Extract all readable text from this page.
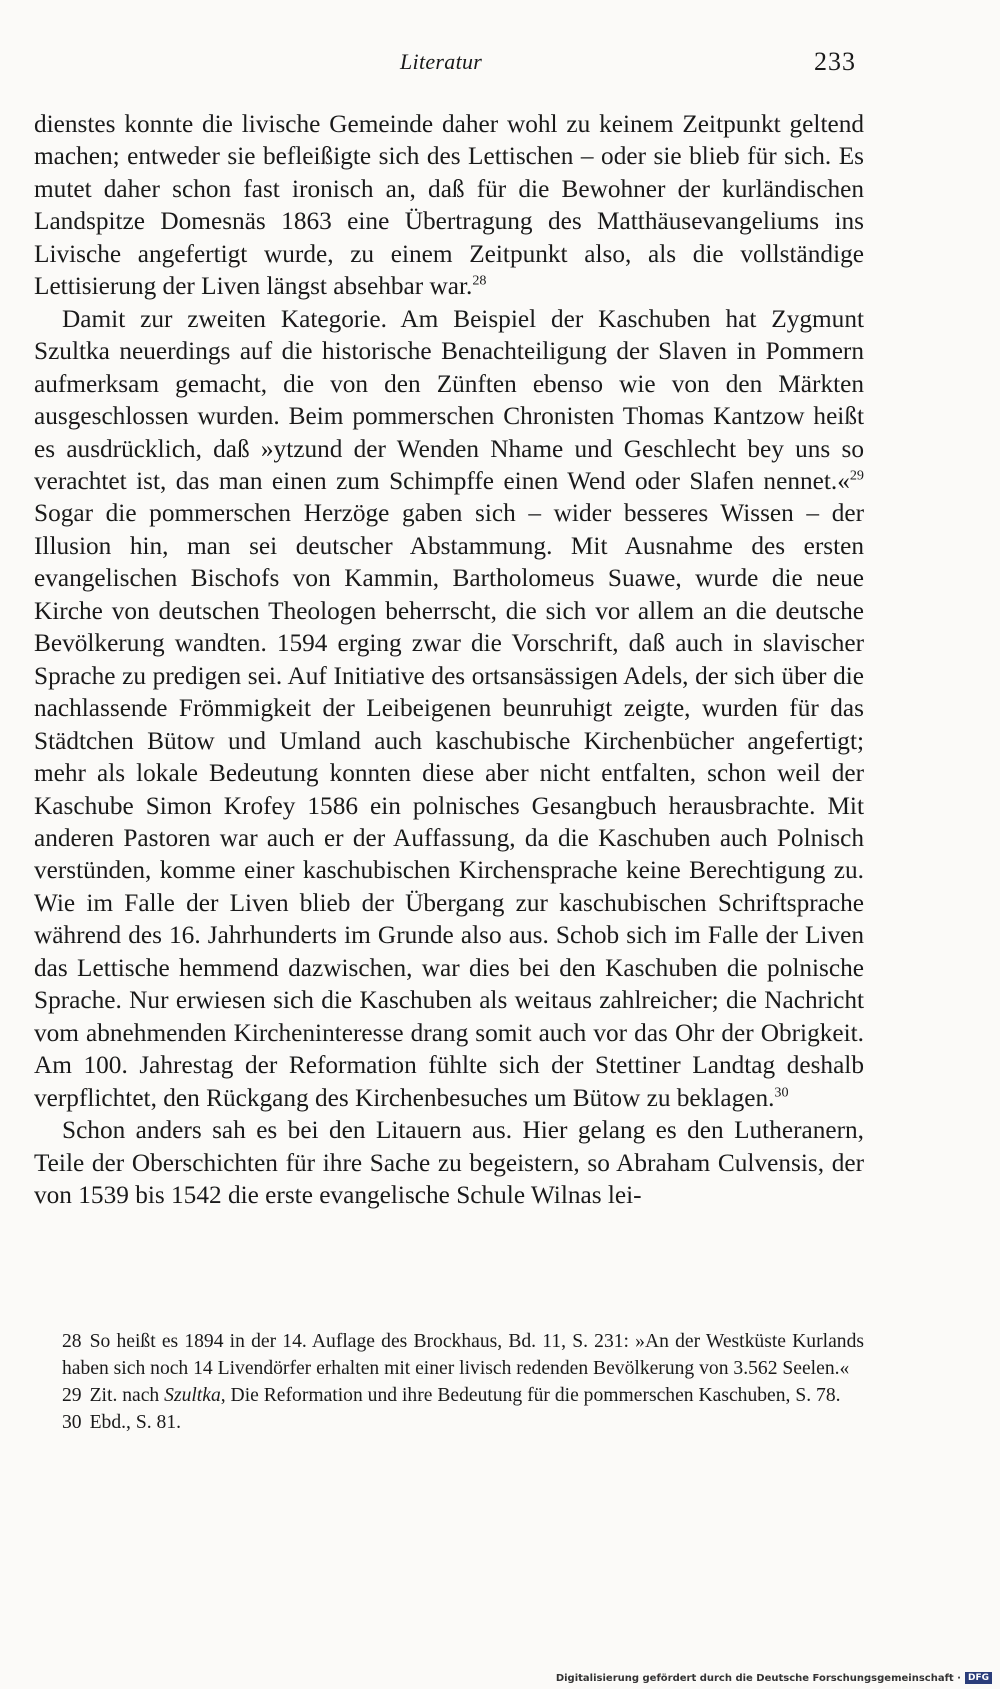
Literatur	233

dienstes konnte die livische Gemeinde daher wohl zu keinem Zeitpunkt geltend machen; entweder sie befleißigte sich des Lettischen – oder sie blieb für sich. Es mutet daher schon fast ironisch an, daß für die Bewohner der kurländischen Landspitze Domesnäs 1863 eine Übertragung des Matthäusevangeliums ins Livische angefertigt wurde, zu einem Zeitpunkt also, als die vollständige Lettisierung der Liven längst absehbar war.$^{28}$

Damit zur zweiten Kategorie. Am Beispiel der Kaschuben hat Zygmunt Szultka neuerdings auf die historische Benachteiligung der Slaven in Pommern aufmerksam gemacht, die von den Zünften ebenso wie von den Märkten ausgeschlossen wurden. Beim pommerschen Chronisten Thomas Kantzow heißt es ausdrücklich, daß »ytzund der Wenden Nhame und Geschlecht bey uns so verachtet ist, das man einen zum Schimpffe einen Wend oder Slafen nennet.«$^{29}$ Sogar die pommerschen Herzöge gaben sich – wider besseres Wissen – der Illusion hin, man sei deutscher Abstammung. Mit Ausnahme des ersten evangelischen Bischofs von Kammin, Bartholomeus Suawe, wurde die neue Kirche von deutschen Theologen beherrscht, die sich vor allem an die deutsche Bevölkerung wandten. 1594 erging zwar die Vorschrift, daß auch in slavischer Sprache zu predigen sei. Auf Initiative des ortsansässigen Adels, der sich über die nachlassende Frömmigkeit der Leibeigenen beunruhigt zeigte, wurden für das Städtchen Bütow und Umland auch kaschubische Kirchenbücher angefertigt; mehr als lokale Bedeutung konnten diese aber nicht entfalten, schon weil der Kaschube Simon Krofey 1586 ein polnisches Gesangbuch herausbrachte. Mit anderen Pastoren war auch er der Auffassung, da die Kaschuben auch Polnisch verstünden, komme einer kaschubischen Kirchensprache keine Berechtigung zu. Wie im Falle der Liven blieb der Übergang zur kaschubischen Schriftsprache während des 16. Jahrhunderts im Grunde also aus. Schob sich im Falle der Liven das Lettische hemmend dazwischen, war dies bei den Kaschuben die polnische Sprache. Nur erwiesen sich die Kaschuben als weitaus zahlreicher; die Nachricht vom abnehmenden Kircheninteresse drang somit auch vor das Ohr der Obrigkeit. Am 100. Jahrestag der Reformation fühlte sich der Stettiner Landtag deshalb verpflichtet, den Rückgang des Kirchenbesuches um Bütow zu beklagen.$^{30}$

Schon anders sah es bei den Litauern aus. Hier gelang es den Lutheranern, Teile der Oberschichten für ihre Sache zu begeistern, so Abraham Culvensis, der von 1539 bis 1542 die erste evangelische Schule Wilnas lei-

28 So heißt es 1894 in der 14. Auflage des Brockhaus, Bd. 11, S. 231: »An der Westküste Kurlands haben sich noch 14 Livendörfer erhalten mit einer livisch redenden Bevölkerung von 3.562 Seelen.«

29 Zit. nach Szultka, Die Reformation und ihre Bedeutung für die pommerschen Kaschuben, S. 78.

30 Ebd., S. 81.

Digitalisierung gefördert durch die Deutsche Forschungsgemeinschaft · DFG
